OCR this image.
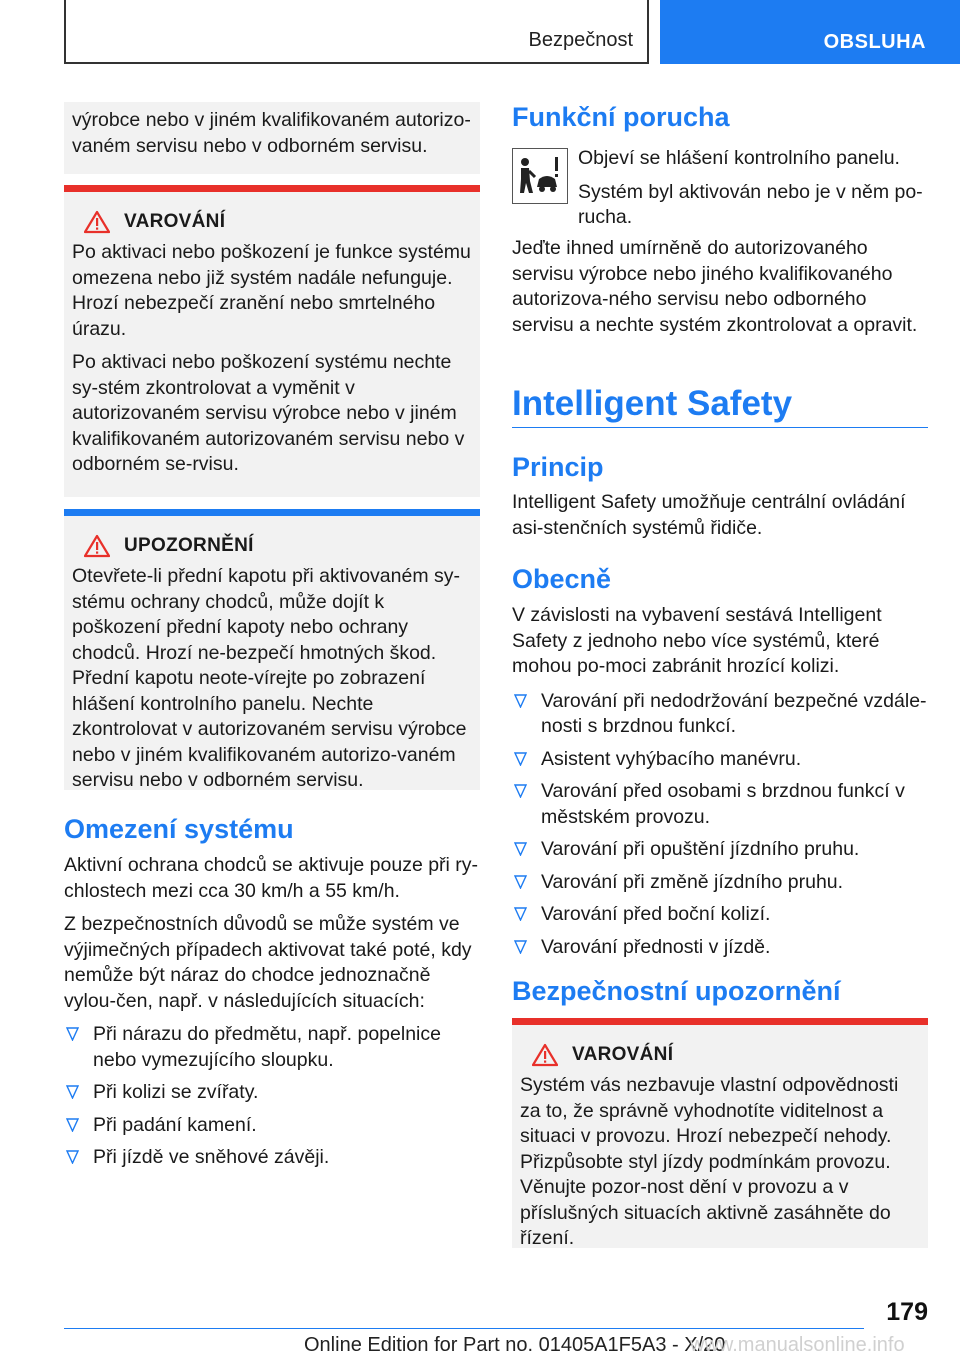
Bezpečnost	OBSLUHA

výrobce nebo v jiném kvalifikovaném autorizo-vaném servisu nebo v odborném servisu.

VAROVÁNÍ

Po aktivaci nebo poškození je funkce systému omezena nebo již systém nadále nefunguje. Hrozí nebezpečí zranění nebo smrtelného úrazu.

Po aktivaci nebo poškození systému nechte sy-stém zkontrolovat a vyměnit v autorizovaném servisu výrobce nebo v jiném kvalifikovaném autorizovaném servisu nebo v odborném se-rvisu.

UPOZORNĚNÍ

Otevřete-li přední kapotu při aktivovaném sy-stému ochrany chodců, může dojít k poškození přední kapoty nebo ochrany chodců. Hrozí ne-bezpečí hmotných škod. Přední kapotu neote-vírejte po zobrazení hlášení kontrolního panelu. Nechte zkontrolovat v autorizovaném servisu výrobce nebo v jiném kvalifikovaném autorizo-vaném servisu nebo v odborném servisu.

Omezení systému

Aktivní ochrana chodců se aktivuje pouze při ry-chlostech mezi cca 30 km/h a 55 km/h.

Z bezpečnostních důvodů se může systém ve výjimečných případech aktivovat také poté, kdy nemůže být náraz do chodce jednoznačně vylou-čen, např. v následujících situacích:

Při nárazu do předmětu, např. popelnice nebo vymezujícího sloupku.
Při kolizi se zvířaty.
Při padání kamení.
Při jízdě ve sněhové závěji.
Funkční porucha

Objeví se hlášení kontrolního panelu.

Systém byl aktivován nebo je v něm po-rucha.

Jeďte ihned umírněně do autorizovaného servisu výrobce nebo jiného kvalifikovaného autorizova-ného servisu nebo odborného servisu a nechte systém zkontrolovat a opravit.

Intelligent Safety
Princip

Intelligent Safety umožňuje centrální ovládání asi-stenčních systémů řidiče.

Obecně

V závislosti na vybavení sestává Intelligent Safety z jednoho nebo více systémů, které mohou po-moci zabránit hrozící kolizi.

Varování při nedodržování bezpečné vzdále-nosti s brzdnou funkcí.
Asistent vyhýbacího manévru.
Varování před osobami s brzdnou funkcí v městském provozu.
Varování při opuštění jízdního pruhu.
Varování při změně jízdního pruhu.
Varování před boční kolizí.
Varování přednosti v jízdě.
Bezpečnostní upozornění
VAROVÁNÍ

Systém vás nezbavuje vlastní odpovědnosti za to, že správně vyhodnotíte viditelnost a situaci v provozu. Hrozí nebezpečí nehody. Přizpůsobte styl jízdy podmínkám provozu. Věnujte pozor-nost dění v provozu a v příslušných situacích aktivně zasáhněte do řízení.

179
Online Edition for Part no. 01405A1F5A3 - X/20
www.manualsonline.info
